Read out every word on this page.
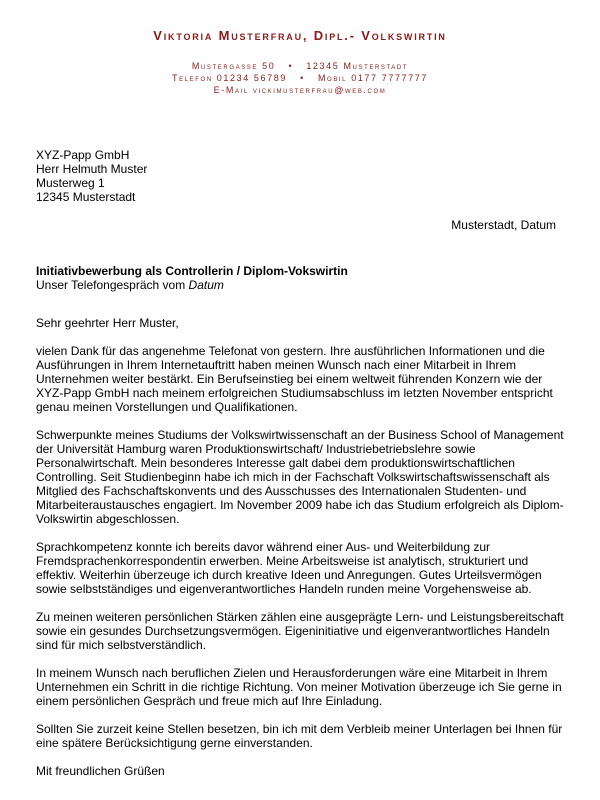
Viktoria Musterfrau, Dipl.- Volkswirtin
Mustergasse 50 • 12345 Musterstadt
Telefon 01234 56789 • Mobil 0177 7777777
E-Mail vickimusterfrau@web.com
XYZ-Papp GmbH
Herr Helmuth Muster
Musterweg 1
12345 Musterstadt
Musterstadt, Datum
Initiativbewerbung als Controllerin / Diplom-Vokswirtin
Unser Telefongespräch vom Datum
Sehr geehrter Herr Muster,

vielen Dank für das angenehme Telefonat von gestern. Ihre ausführlichen Informationen und die Ausführungen in Ihrem Internetauftritt haben meinen Wunsch nach einer Mitarbeit in Ihrem Unternehmen weiter bestärkt. Ein Berufseinstieg bei einem weltweit führenden Konzern wie der XYZ-Papp GmbH nach meinem erfolgreichen Studiumsabschluss im letzten November entspricht genau meinen Vorstellungen und Qualifikationen.

Schwerpunkte meines Studiums der Volkswirtwissenschaft an der Business School of Management der Universität Hamburg waren Produktionswirtschaft/ Industriebetriebslehre sowie Personalwirtschaft. Mein besonderes Interesse galt dabei dem produktionswirtschaftlichen Controlling. Seit Studienbeginn habe ich mich in der Fachschaft Volkswirtschaftswissenschaft als Mitglied des Fachschaftskonvents und des Ausschusses des Internationalen Studenten- und Mitarbeiteraustausches engagiert. Im November 2009 habe ich das Studium erfolgreich als Diplom-Volkswirtin abgeschlossen.

Sprachkompetenz konnte ich bereits davor während einer Aus- und Weiterbildung zur Fremdsprachenkorrespondentin erwerben. Meine Arbeitsweise ist analytisch, strukturiert und effektiv. Weiterhin überzeuge ich durch kreative Ideen und Anregungen. Gutes Urteilsvermögen sowie selbstständiges und eigenverantwortliches Handeln runden meine Vorgehensweise ab.

Zu meinen weiteren persönlichen Stärken zählen eine ausgeprägte Lern- und Leistungsbereitschaft sowie ein gesundes Durchsetzungsvermögen. Eigeninitiative und eigenverantwortliches Handeln sind für mich selbstverständlich.

In meinem Wunsch nach beruflichen Zielen und Herausforderungen wäre eine Mitarbeit in Ihrem Unternehmen ein Schritt in die richtige Richtung. Von meiner Motivation überzeuge ich Sie gerne in einem persönlichen Gespräch und freue mich auf Ihre Einladung.

Sollten Sie zurzeit keine Stellen besetzen, bin ich mit dem Verbleib meiner Unterlagen bei Ihnen für eine spätere Berücksichtigung gerne einverstanden.

Mit freundlichen Grüßen
